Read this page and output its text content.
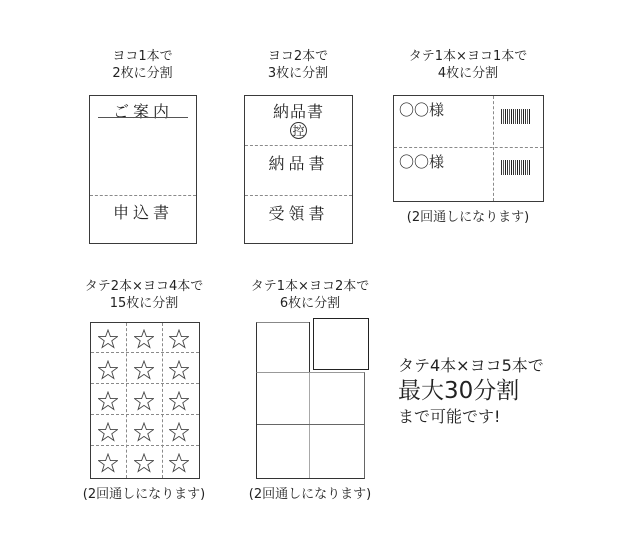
ヨコ1本で
2枚に分割
ご案内
申込書
ヨコ2本で
3枚に分割
納品書
控
納品書
受領書
タテ1本×ヨコ1本で
4枚に分割
〇〇様
〇〇様
(2回通しになります)
タテ2本×ヨコ4本で
15枚に分割
(2回通しになります)
タテ1本×ヨコ2本で
6枚に分割
(2回通しになります)
タテ4本×ヨコ5本で
最大30分割
まで可能です!
